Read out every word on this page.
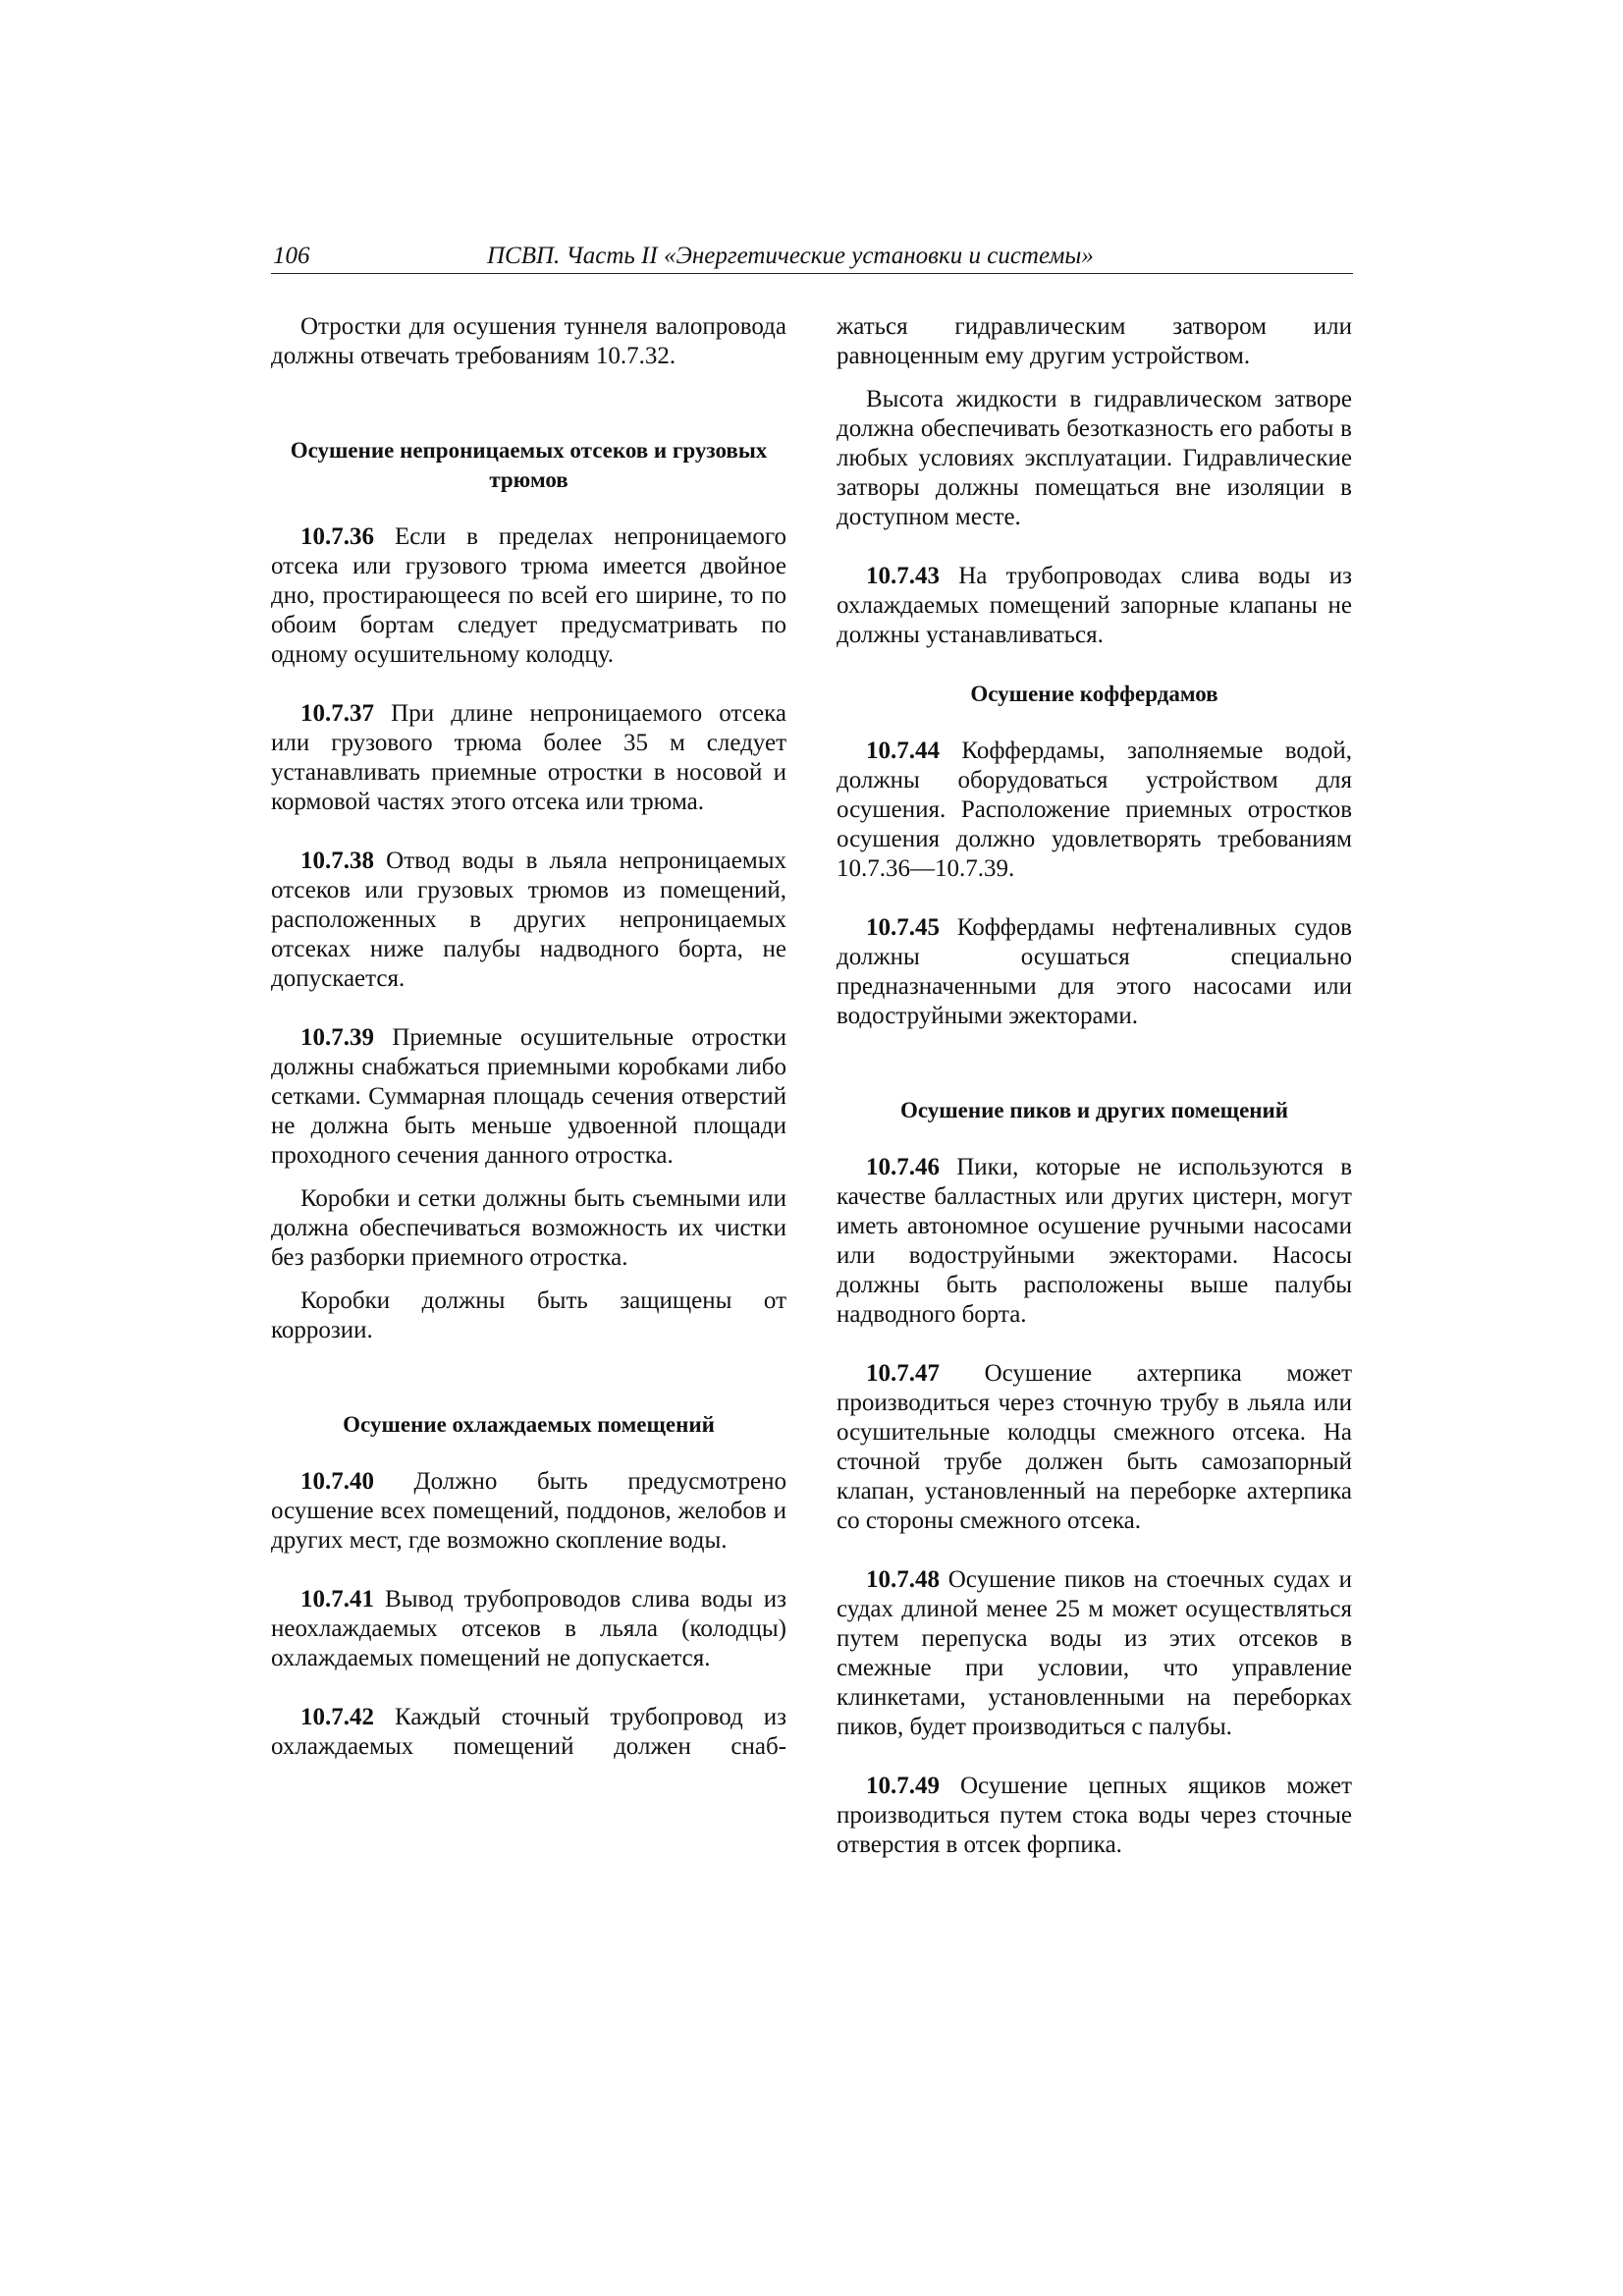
106	ПСВП. Часть II «Энергетические установки и системы»

Отростки для осушения туннеля валопровода должны отвечать требованиям 10.7.32.

Осушение непроницаемых отсеков и грузовых трюмов

10.7.36 Если в пределах непроницаемого отсека или грузового трюма имеется двойное дно, простирающееся по всей его ширине, то по обоим бортам следует предусматривать по одному осушительному колодцу.

10.7.37 При длине непроницаемого отсека или грузового трюма более 35 м следует устанавливать приемные отростки в носовой и кормовой частях этого отсека или трюма.

10.7.38 Отвод воды в льяла непроницаемых отсеков или грузовых трюмов из помещений, расположенных в других непроницаемых отсеках ниже палубы надводного борта, не допускается.

10.7.39 Приемные осушительные отростки должны снабжаться приемными коробками либо сетками. Суммарная площадь сечения отверстий не должна быть меньше удвоенной площади проходного сечения данного отростка.

Коробки и сетки должны быть съемными или должна обеспечиваться возможность их чистки без разборки приемного отростка.

Коробки должны быть защищены от коррозии.

Осушение охлаждаемых помещений

10.7.40 Должно быть предусмотрено осушение всех помещений, поддонов, желобов и других мест, где возможно скопление воды.

10.7.41 Вывод трубопроводов слива воды из неохлаждаемых отсеков в льяла (колодцы) охлаждаемых помещений не допускается.

10.7.42 Каждый сточный трубопровод из охлаждаемых помещений должен снаб-

жаться гидравлическим затвором или равноценным ему другим устройством.

Высота жидкости в гидравлическом затворе должна обеспечивать безотказность его работы в любых условиях эксплуатации. Гидравлические затворы должны помещаться вне изоляции в доступном месте.

10.7.43 На трубопроводах слива воды из охлаждаемых помещений запорные клапаны не должны устанавливаться.

Осушение коффердамов

10.7.44 Коффердамы, заполняемые водой, должны оборудоваться устройством для осушения. Расположение приемных отростков осушения должно удовлетворять требованиям 10.7.36—10.7.39.

10.7.45 Коффердамы нефтеналивных судов должны осушаться специально предназначенными для этого насосами или водоструйными эжекторами.

Осушение пиков и других помещений

10.7.46 Пики, которые не используются в качестве балластных или других цистерн, могут иметь автономное осушение ручными насосами или водоструйными эжекторами. Насосы должны быть расположены выше палубы надводного борта.

10.7.47 Осушение ахтерпика может производиться через сточную трубу в льяла или осушительные колодцы смежного отсека. На сточной трубе должен быть самозапорный клапан, установленный на переборке ахтерпика со стороны смежного отсека.

10.7.48 Осушение пиков на стоечных судах и судах длиной менее 25 м может осуществляться путем перепуска воды из этих отсеков в смежные при условии, что управление клинкетами, установленными на переборках пиков, будет производиться с палубы.

10.7.49 Осушение цепных ящиков может производиться путем стока воды через сточные отверстия в отсек форпика.
